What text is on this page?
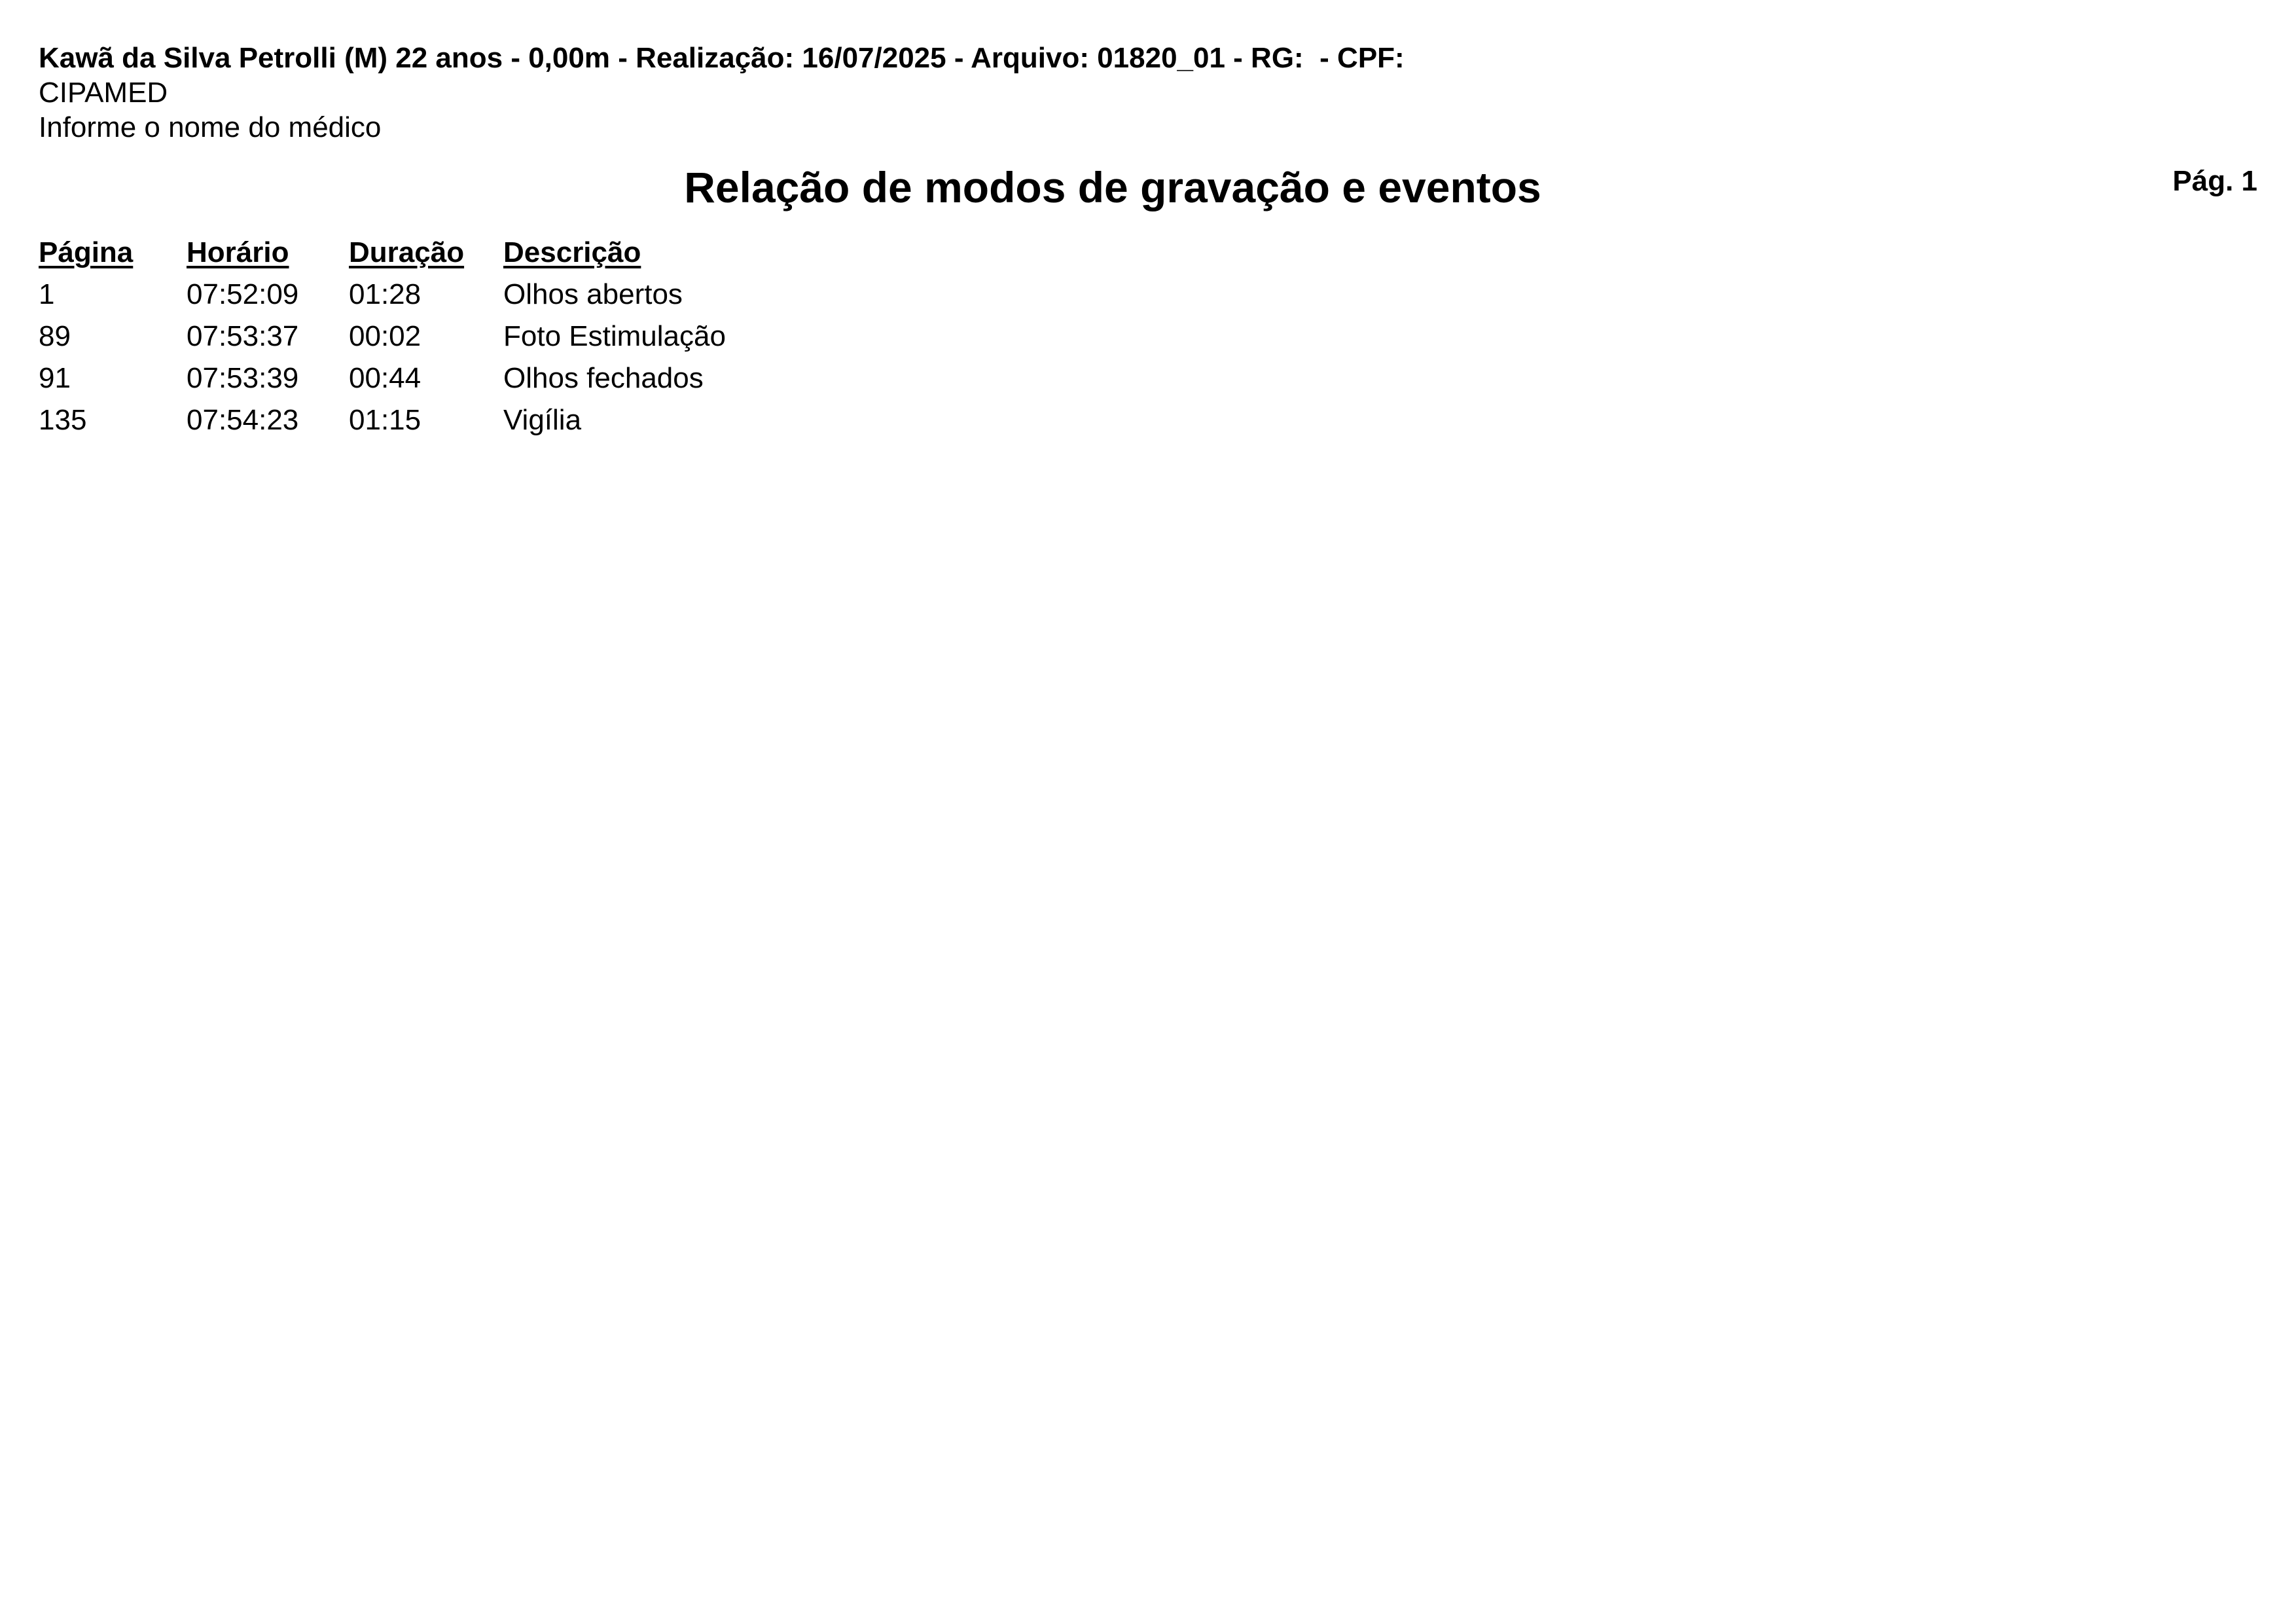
Kawã da Silva Petrolli (M) 22 anos - 0,00m - Realização: 16/07/2025 - Arquivo: 01820_01 - RG:  - CPF:
CIPAMED
Informe o nome do médico
Relação de modos de gravação e eventos	Pág. 1
Página Horário Duração Descrição
1	07:52:09 01:28	Olhos abertos
89	07:53:37 00:02	Foto Estimulação
91	07:53:39 00:44	Olhos fechados
135	07:54:23 01:15	Vigília
